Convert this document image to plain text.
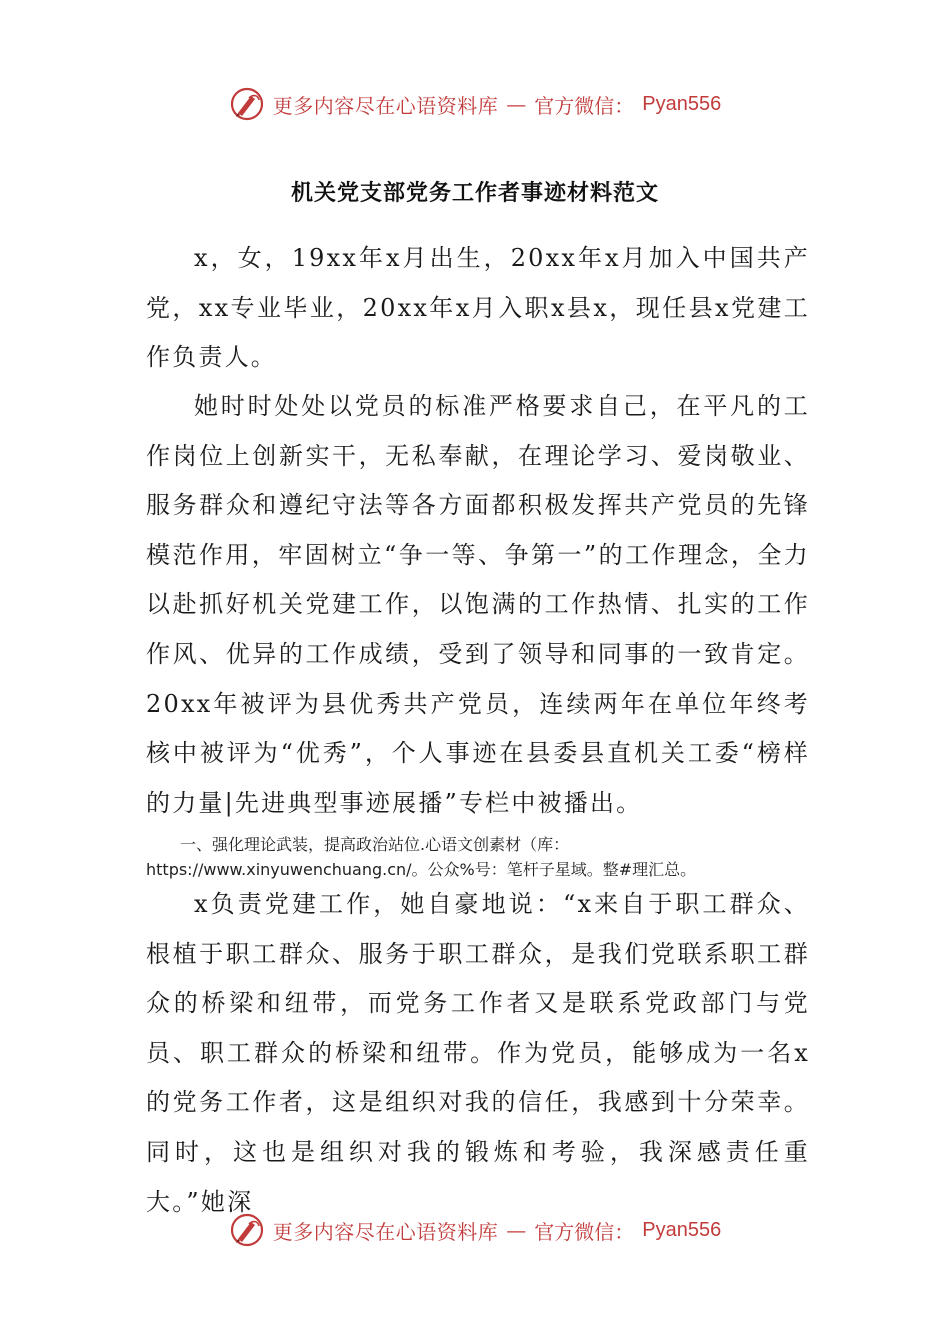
更多内容尽在心语资料库 — 官方微信： Pyan556
机关党支部党务工作者事迹材料范文

x，女，19xx年x月出生，20xx年x月加入中国共产党，xx专业毕业，20xx年x月入职x县x，现任县x党建工作负责人。

她时时处处以党员的标准严格要求自己，在平凡的工作岗位上创新实干，无私奉献，在理论学习、爱岗敬业、服务群众和遵纪守法等各方面都积极发挥共产党员的先锋模范作用，牢固树立“争一等、争第一”的工作理念，全力以赴抓好机关党建工作，以饱满的工作热情、扎实的工作作风、优异的工作成绩，受到了领导和同事的一致肯定。20xx年被评为县优秀共产党员，连续两年在单位年终考核中被评为“优秀”，个人事迹在县委县直机关工委“榜样的力量|先进典型事迹展播”专栏中被播出。

一、强化理论武装，提高政治站位.心语文创素材（库：https://www.xinyuwenchuang.cn/。公众%号：笔杆子星域。整#理汇总。

x负责党建工作，她自豪地说：“x来自于职工群众、根植于职工群众、服务于职工群众，是我们党联系职工群众的桥梁和纽带，而党务工作者又是联系党政部门与党员、职工群众的桥梁和纽带。作为党员，能够成为一名x的党务工作者，这是组织对我的信任，我感到十分荣幸。同时，这也是组织对我的锻炼和考验，我深感责任重大。”她深

更多内容尽在心语资料库 — 官方微信： Pyan556
